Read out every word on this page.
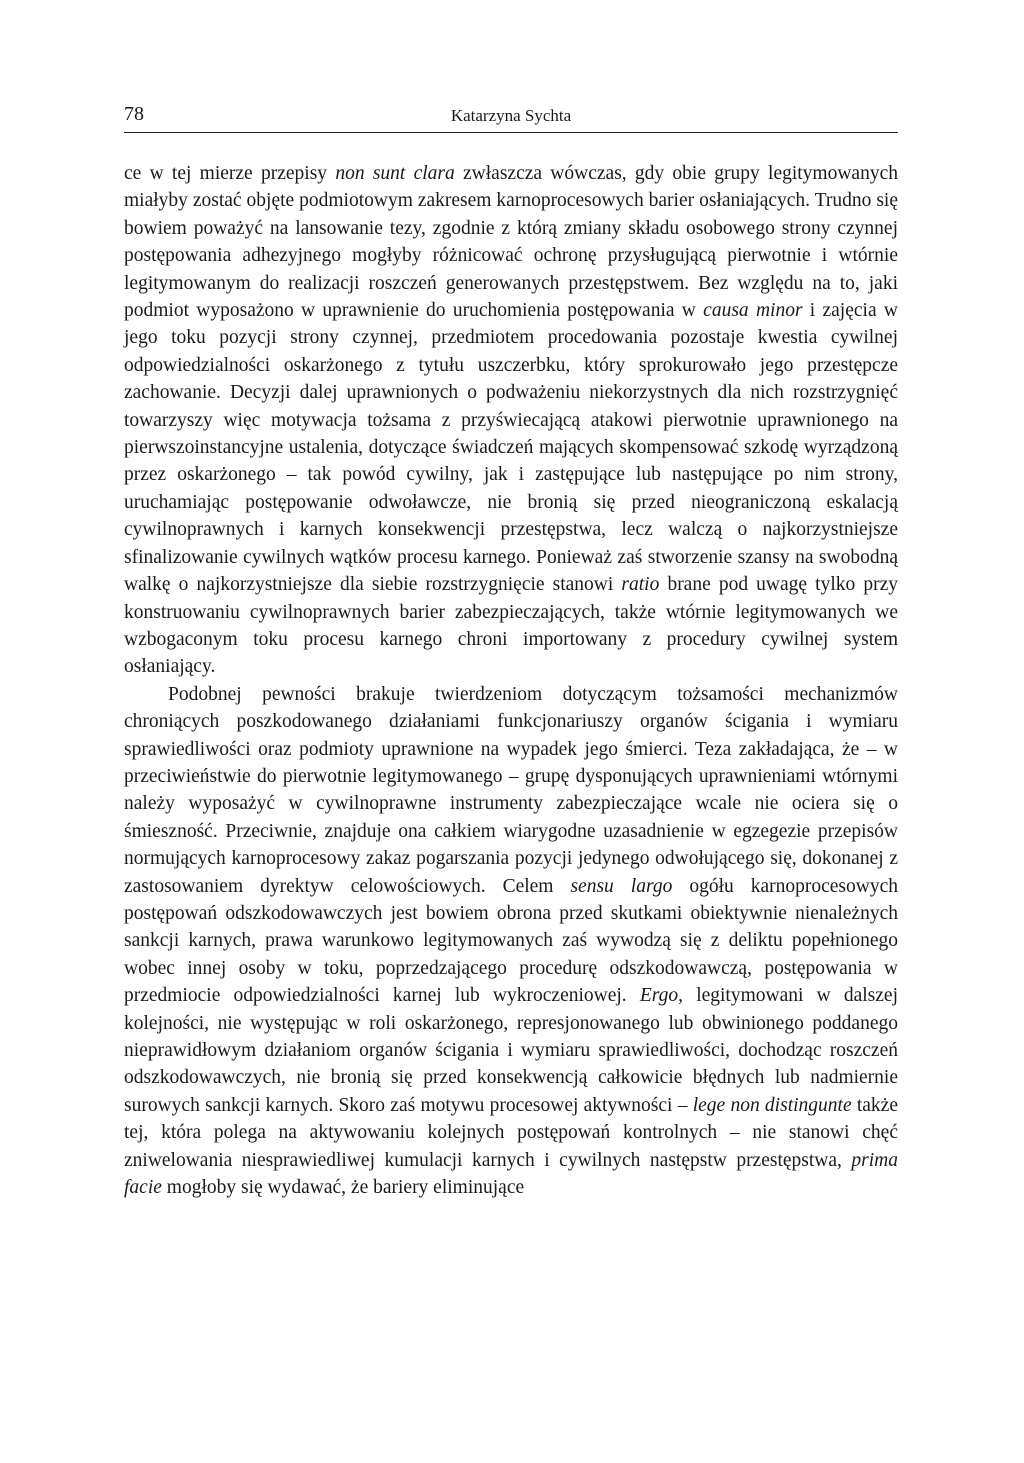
78	Katarzyna Sychta

ce w tej mierze przepisy non sunt clara zwłaszcza wówczas, gdy obie grupy legitymowanych miałyby zostać objęte podmiotowym zakresem karnoprocesowych barier osłaniających. Trudno się bowiem poważyć na lansowanie tezy, zgodnie z którą zmiany składu osobowego strony czynnej postępowania adhezyjnego mogłyby różnicować ochronę przysługującą pierwotnie i wtórnie legitymowanym do realizacji roszczeń generowanych przestępstwem. Bez względu na to, jaki podmiot wyposażono w uprawnienie do uruchomienia postępowania w causa minor i zajęcia w jego toku pozycji strony czynnej, przedmiotem procedowania pozostaje kwestia cywilnej odpowiedzialności oskarżonego z tytułu uszczerbku, który sprokurowało jego przestępcze zachowanie. Decyzji dalej uprawnionych o podważeniu niekorzystnych dla nich rozstrzygnięć towarzyszy więc motywacja tożsama z przyświecającą atakowi pierwotnie uprawnionego na pierwszoinstancyjne ustalenia, dotyczące świadczeń mających skompensować szkodę wyrządzoną przez oskarżonego – tak powód cywilny, jak i zastępujące lub następujące po nim strony, uruchamiając postępowanie odwoławcze, nie bronią się przed nieograniczoną eskalacją cywilnoprawnych i karnych konsekwencji przestępstwa, lecz walczą o najkorzystniejsze sfinalizowanie cywilnych wątków procesu karnego. Ponieważ zaś stworzenie szansy na swobodną walkę o najkorzystniejsze dla siebie rozstrzygnięcie stanowi ratio brane pod uwagę tylko przy konstruowaniu cywilnoprawnych barier zabezpieczających, także wtórnie legitymowanych we wzbogaconym toku procesu karnego chroni importowany z procedury cywilnej system osłaniający.

Podobnej pewności brakuje twierdzeniom dotyczącym tożsamości mechanizmów chroniących poszkodowanego działaniami funkcjonariuszy organów ścigania i wymiaru sprawiedliwości oraz podmioty uprawnione na wypadek jego śmierci. Teza zakładająca, że – w przeciwieństwie do pierwotnie legitymowanego – grupę dysponujących uprawnieniami wtórnymi należy wyposażyć w cywilnoprawne instrumenty zabezpieczające wcale nie ociera się o śmieszność. Przeciwnie, znajduje ona całkiem wiarygodne uzasadnienie w egzegezie przepisów normujących karnoprocesowy zakaz pogarszania pozycji jedynego odwołującego się, dokonanej z zastosowaniem dyrektyw celowościowych. Celem sensu largo ogółu karnoprocesowych postępowań odszkodowawczych jest bowiem obrona przed skutkami obiektywnie nienależnych sankcji karnych, prawa warunkowo legitymowanych zaś wywodzą się z deliktu popełnionego wobec innej osoby w toku, poprzedzającego procedurę odszkodowawczą, postępowania w przedmiocie odpowiedzialności karnej lub wykroczeniowej. Ergo, legitymowani w dalszej kolejności, nie występując w roli oskarżonego, represjonowanego lub obwinionego poddanego nieprawidłowym działaniom organów ścigania i wymiaru sprawiedliwości, dochodząc roszczeń odszkodowawczych, nie bronią się przed konsekwencją całkowicie błędnych lub nadmiernie surowych sankcji karnych. Skoro zaś motywu procesowej aktywności – lege non distingunte także tej, która polega na aktywowaniu kolejnych postępowań kontrolnych – nie stanowi chęć zniwelowania niesprawiedliwej kumulacji karnych i cywilnych następstw przestępstwa, prima facie mogłoby się wydawać, że bariery eliminujące
